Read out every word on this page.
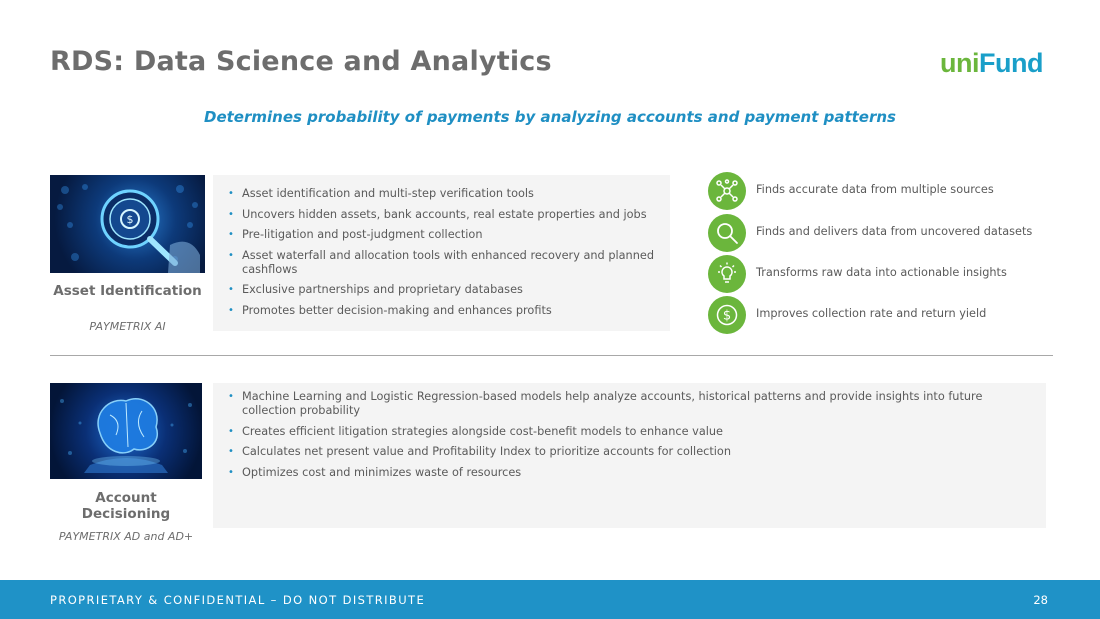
RDS: Data Science and Analytics	uniFund
Determines probability of payments by analyzing accounts and payment patterns
$
Asset Identification
PAYMETRIX AI
• Asset identification and multi-step verification tools
• Uncovers hidden assets, bank accounts, real estate properties and jobs
• Pre-litigation and post-judgment collection
• Asset waterfall and allocation tools with enhanced recovery and planned cashflows
• Exclusive partnerships and proprietary databases
• Promotes better decision-making and enhances profits
Finds accurate data from multiple sources
Finds and delivers data from uncovered datasets
Transforms raw data into actionable insights
$ Improves collection rate and return yield
Account Decisioning
PAYMETRIX AD and AD+
• Machine Learning and Logistic Regression-based models help analyze accounts, historical patterns and provide insights into future collection probability
• Creates efficient litigation strategies alongside cost-benefit models to enhance value
• Calculates net present value and Profitability Index to prioritize accounts for collection
• Optimizes cost and minimizes waste of resources
PROPRIETARY & CONFIDENTIAL – DO NOT DISTRIBUTE	28
